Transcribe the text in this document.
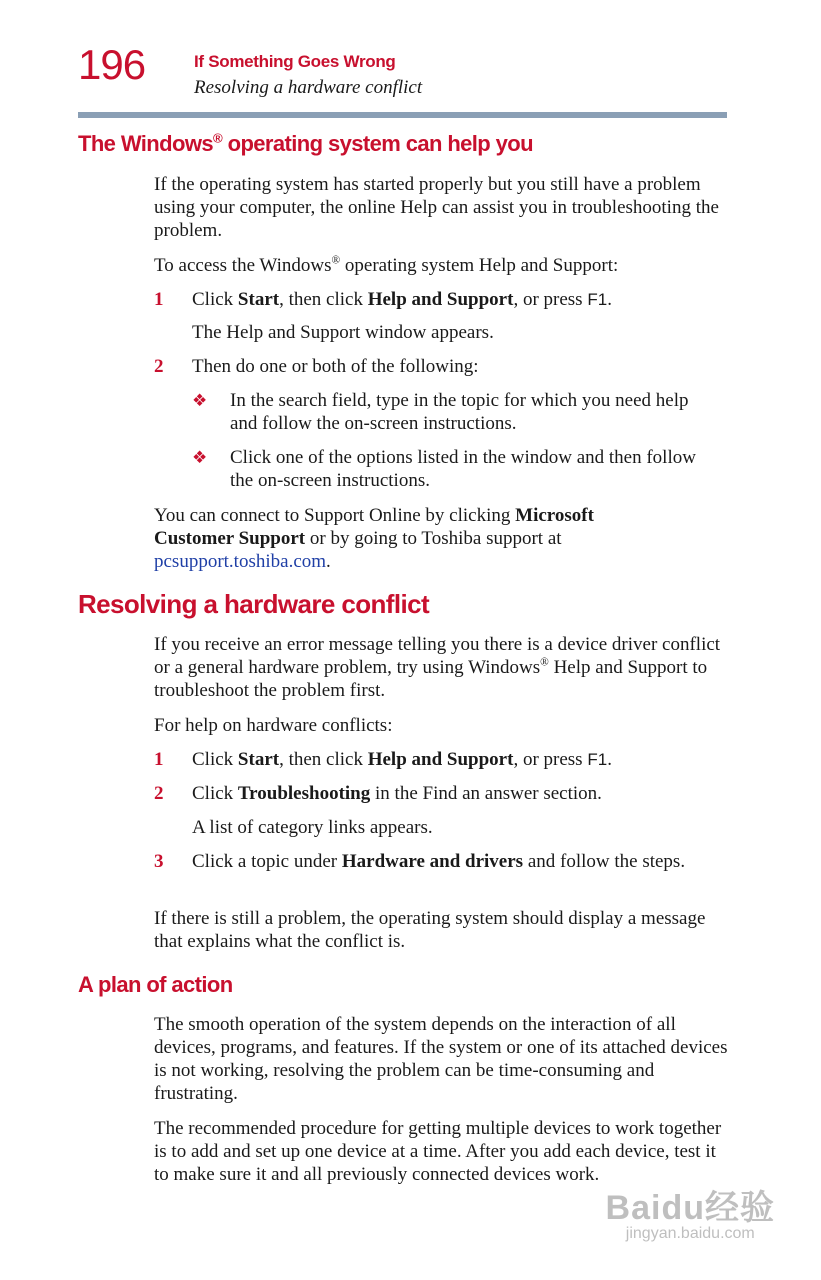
196	If Something Goes Wrong
Resolving a hardware conflict
The Windows® operating system can help you

If the operating system has started properly but you still have a problem using your computer, the online Help can assist you in troubleshooting the problem.

To access the Windows® operating system Help and Support:

1 Click Start, then click Help and Support, or press F1.

The Help and Support window appears.

2 Then do one or both of the following:

❖ In the search field, type in the topic for which you need help and follow the on-screen instructions.

❖ Click one of the options listed in the window and then follow the on-screen instructions.

You can connect to Support Online by clicking Microsoft Customer Support or by going to Toshiba support at pcsupport.toshiba.com.

Resolving a hardware conflict

If you receive an error message telling you there is a device driver conflict or a general hardware problem, try using Windows® Help and Support to troubleshoot the problem first.

For help on hardware conflicts:

1 Click Start, then click Help and Support, or press F1.

2 Click Troubleshooting in the Find an answer section.

A list of category links appears.

3 Click a topic under Hardware and drivers and follow the steps.

If there is still a problem, the operating system should display a message that explains what the conflict is.

A plan of action

The smooth operation of the system depends on the interaction of all devices, programs, and features. If the system or one of its attached devices is not working, resolving the problem can be time-consuming and frustrating.

The recommended procedure for getting multiple devices to work together is to add and set up one device at a time. After you add each device, test it to make sure it and all previously connected devices work.

Baidu经验
jingyan.baidu.com
